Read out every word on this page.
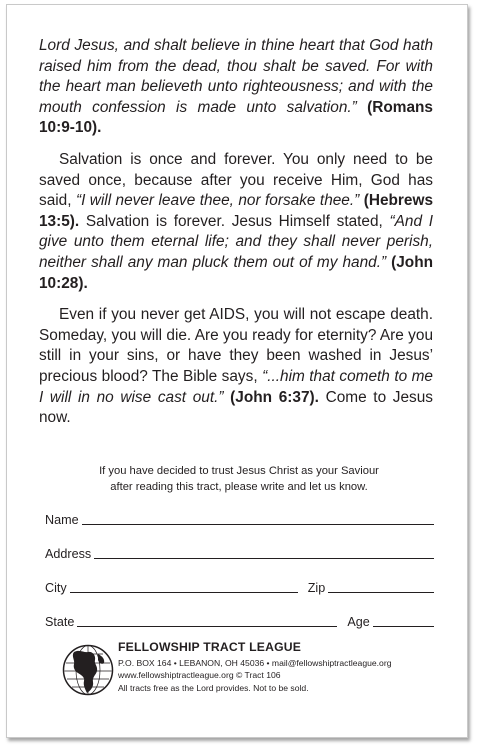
Lord Jesus, and shalt believe in thine heart that God hath raised him from the dead, thou shalt be saved. For with the heart man believeth unto righteousness; and with the mouth confession is made unto salvation.” (Romans 10:9-10).

Salvation is once and forever. You only need to be saved once, because after you receive Him, God has said, “I will never leave thee, nor forsake thee.” (Hebrews 13:5). Salvation is forever. Jesus Himself stated, “And I give unto them eternal life; and they shall never perish, neither shall any man pluck them out of my hand.” (John 10:28).

Even if you never get AIDS, you will not escape death. Someday, you will die. Are you ready for eternity? Are you still in your sins, or have they been washed in Jesus’ precious blood? The Bible says, “...him that cometh to me I will in no wise cast out.” (John 6:37). Come to Jesus now.

If you have decided to trust Jesus Christ as your Saviour
after reading this tract, please write and let us know.
Name
Address
City	Zip
State	Age
FELLOWSHIP TRACT LEAGUE
P.O. BOX 164 • LEBANON, OH 45036 • mail@fellowshiptractleague.org
www.fellowshiptractleague.org © Tract 106
All tracts free as the Lord provides. Not to be sold.
